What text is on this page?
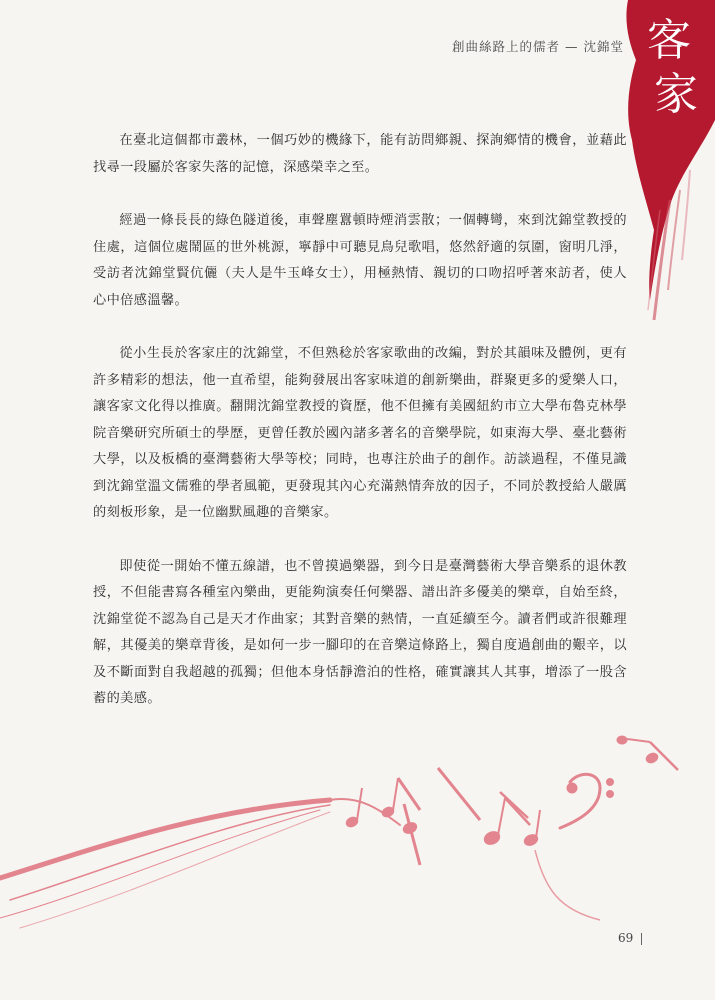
創曲絲路上的儒者 — 沈錦堂 客
家

在臺北這個都市叢林，一個巧妙的機緣下，能有訪問鄉親、探詢鄉情的機會，並藉此找尋一段屬於客家失落的記憶，深感榮幸之至。

經過一條長長的綠色隧道後，車聲塵囂頓時煙消雲散；一個轉彎，來到沈錦堂教授的住處，這個位處鬧區的世外桃源，寧靜中可聽見鳥兒歌唱，悠然舒適的氛圍，窗明几淨，受訪者沈錦堂賢伉儷（夫人是牛玉峰女士），用極熱情、親切的口吻招呼著來訪者，使人心中倍感溫馨。

從小生長於客家庄的沈錦堂，不但熟稔於客家歌曲的改編，對於其韻味及體例，更有許多精彩的想法，他一直希望，能夠發展出客家味道的創新樂曲，群聚更多的愛樂人口，讓客家文化得以推廣。翻開沈錦堂教授的資歷，他不但擁有美國紐約市立大學布魯克林學院音樂研究所碩士的學歷，更曾任教於國內諸多著名的音樂學院，如東海大學、臺北藝術大學，以及板橋的臺灣藝術大學等校；同時，也專注於曲子的創作。訪談過程，不僅見識到沈錦堂溫文儒雅的學者風範，更發現其內心充滿熱情奔放的因子，不同於教授給人嚴厲的刻板形象，是一位幽默風趣的音樂家。

即使從一開始不懂五線譜，也不曾摸過樂器，到今日是臺灣藝術大學音樂系的退休教授，不但能書寫各種室內樂曲，更能夠演奏任何樂器、譜出許多優美的樂章，自始至終，沈錦堂從不認為自己是天才作曲家；其對音樂的熱情，一直延續至今。讀者們或許很難理解，其優美的樂章背後，是如何一步一腳印的在音樂這條路上，獨自度過創曲的艱辛，以及不斷面對自我超越的孤獨；但他本身恬靜澹泊的性格，確實讓其人其事，增添了一股含蓄的美感。

69
